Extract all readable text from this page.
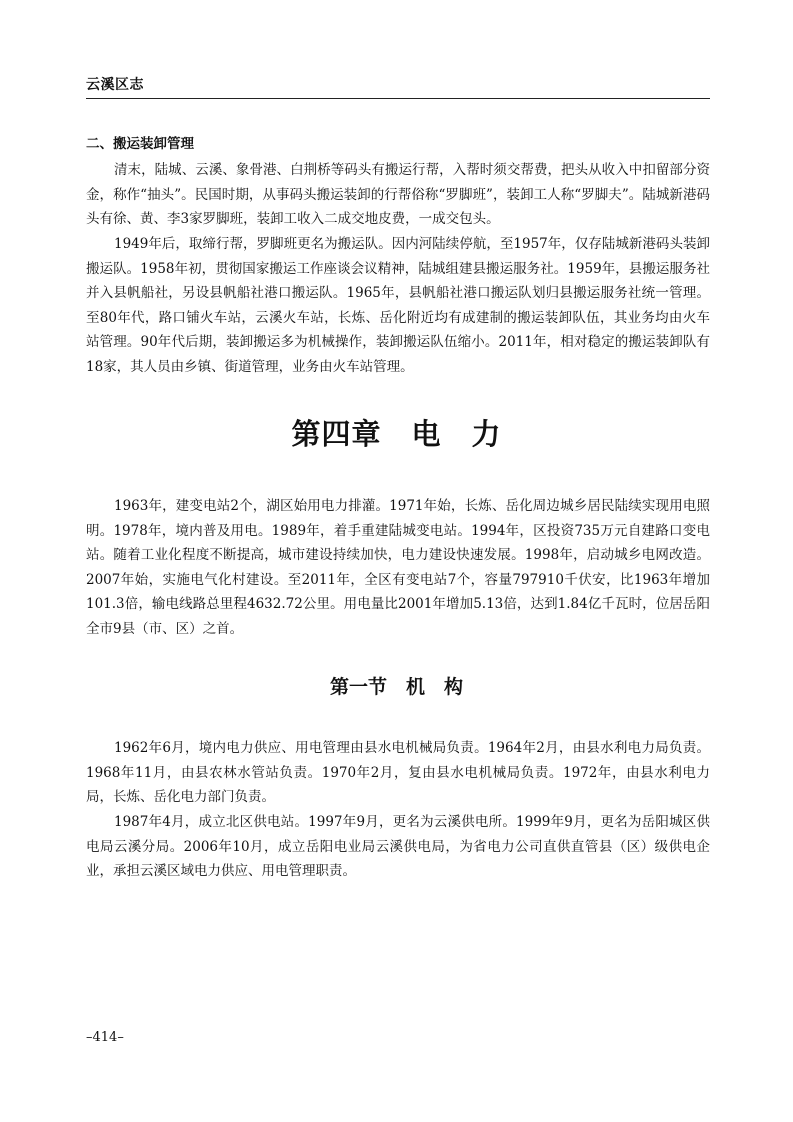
云溪区志
二、搬运装卸管理

清末，陆城、云溪、象骨港、白荆桥等码头有搬运行帮，入帮时须交帮费，把头从收入中扣留部分资金，称作“抽头”。民国时期，从事码头搬运装卸的行帮俗称“罗脚班”，装卸工人称“罗脚夫”。陆城新港码头有徐、黄、李3家罗脚班，装卸工收入二成交地皮费，一成交包头。

1949年后，取缔行帮，罗脚班更名为搬运队。因内河陆续停航，至1957年，仅存陆城新港码头装卸搬运队。1958年初，贯彻国家搬运工作座谈会议精神，陆城组建县搬运服务社。1959年，县搬运服务社并入县帆船社，另设县帆船社港口搬运队。1965年，县帆船社港口搬运队划归县搬运服务社统一管理。至80年代，路口铺火车站，云溪火车站，长炼、岳化附近均有成建制的搬运装卸队伍，其业务均由火车站管理。90年代后期，装卸搬运多为机械操作，装卸搬运队伍缩小。2011年，相对稳定的搬运装卸队有18家，其人员由乡镇、街道管理，业务由火车站管理。

第四章　电　力

1963年，建变电站2个，湖区始用电力排灌。1971年始，长炼、岳化周边城乡居民陆续实现用电照明。1978年，境内普及用电。1989年，着手重建陆城变电站。1994年，区投资735万元自建路口变电站。随着工业化程度不断提高，城市建设持续加快，电力建设快速发展。1998年，启动城乡电网改造。2007年始，实施电气化村建设。至2011年，全区有变电站7个，容量797910千伏安，比1963年增加101.3倍，输电线路总里程4632.72公里。用电量比2001年增加5.13倍，达到1.84亿千瓦时，位居岳阳全市9县（市、区）之首。

第一节　机　构

1962年6月，境内电力供应、用电管理由县水电机械局负责。1964年2月，由县水利电力局负责。1968年11月，由县农林水管站负责。1970年2月，复由县水电机械局负责。1972年，由县水利电力局，长炼、岳化电力部门负责。

1987年4月，成立北区供电站。1997年9月，更名为云溪供电所。1999年9月，更名为岳阳城区供电局云溪分局。2006年10月，成立岳阳电业局云溪供电局，为省电力公司直供直管县（区）级供电企业，承担云溪区域电力供应、用电管理职责。

–414–
